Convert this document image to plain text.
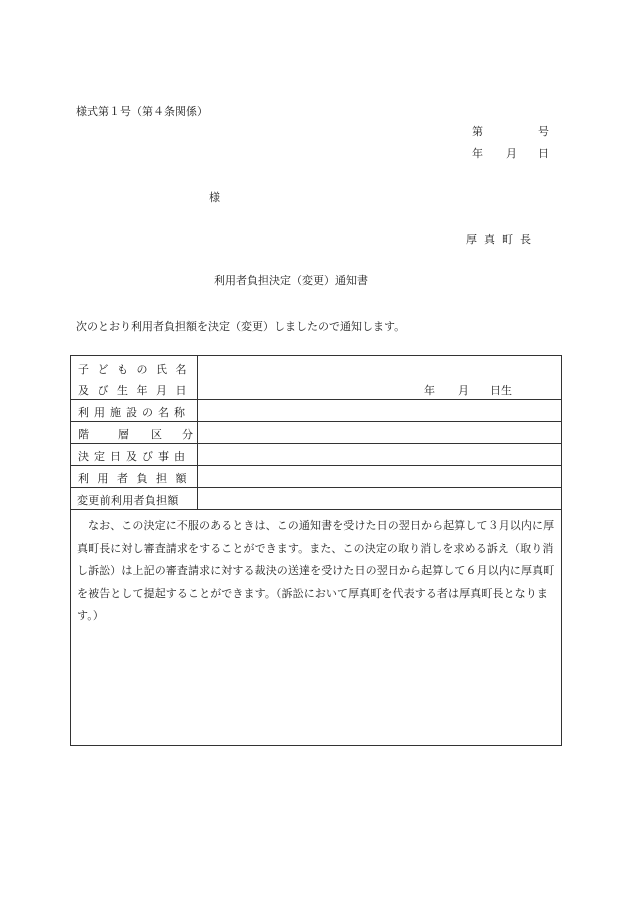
様式第１号（第４条関係）
第	号
年 月 日
様
厚真町長
利用者負担決定（変更）通知書
次のとおり利用者負担額を決定（変更）しましたので通知します。
子どもの氏名
及び生年月日	年 月 日生
利用施設の名称
階	層 区 分
決定日及び事由
利用者負担額
変更前利用者負担額
なお、この決定に不服のあるときは、この通知書を受けた日の翌日から起算して３月以内に厚真町長に対し審査請求をすることができます。また、この決定の取り消しを求める訴え（取り消し訴訟）は上記の審査請求に対する裁決の送達を受けた日の翌日から起算して６月以内に厚真町を被告として提起することができます。（訴訟において厚真町を代表する者は厚真町長となります。）
